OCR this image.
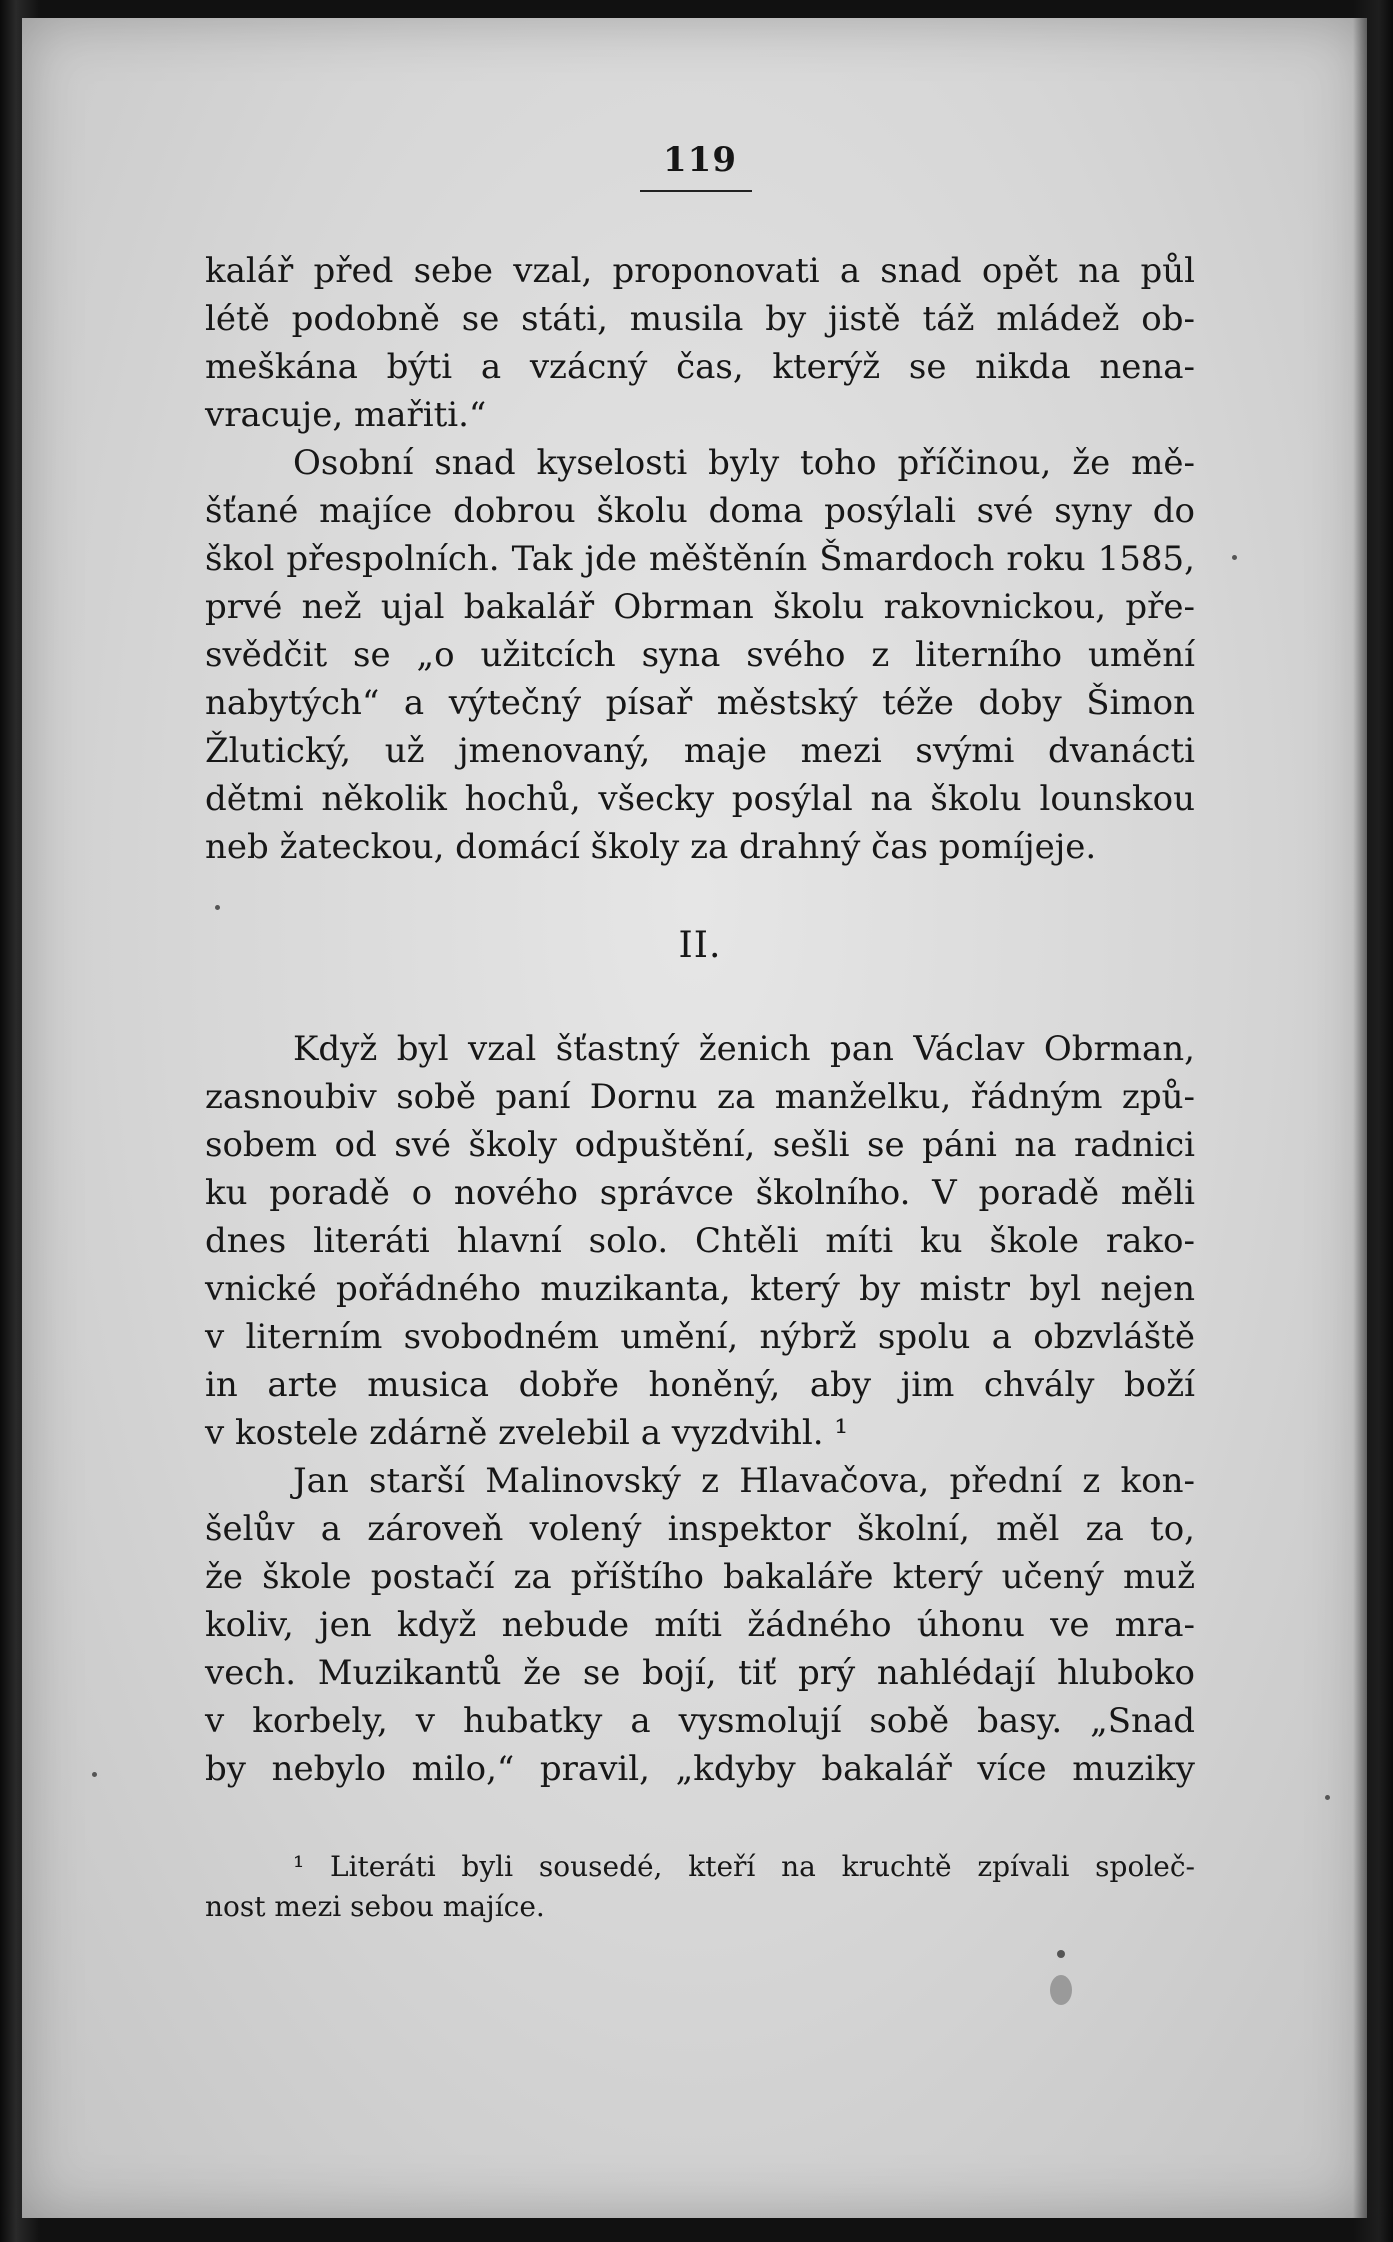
119
kalář před sebe vzal, proponovati a snad opět na půl
létě podobně se státi, musila by jistě táž mládež ob-
meškána býti a vzácný čas, kterýž se nikda nena-
vracuje, mařiti.“
Osobní snad kyselosti byly toho příčinou, že mě-
šťané majíce dobrou školu doma posýlali své syny do
škol přespolních. Tak jde měštěnín Šmardoch roku 1585,
prvé než ujal bakalář Obrman školu rakovnickou, pře-
svědčit se „o užitcích syna svého z literního umění
nabytých“ a výtečný písař městský téže doby Šimon
Žlutický, už jmenovaný, maje mezi svými dvanácti
dětmi několik hochů, všecky posýlal na školu lounskou
neb žateckou, domácí školy za drahný čas pomíjeje.
II.
Když byl vzal šťastný ženich pan Václav Obrman,
zasnoubiv sobě paní Dornu za manželku, řádným způ-
sobem od své školy odpuštění, sešli se páni na radnici
ku poradě o nového správce školního. V poradě měli
dnes literáti hlavní solo. Chtěli míti ku škole rako-
vnické pořádného muzikanta, který by mistr byl nejen
v literním svobodném umění, nýbrž spolu a obzvláště
in arte musica dobře honěný, aby jim chvály boží
v kostele zdárně zvelebil a vyzdvihl. ¹
Jan starší Malinovský z Hlavačova, přední z kon-
šelův a zároveň volený inspektor školní, měl za to,
že škole postačí za příštího bakaláře který učený muž
koliv, jen když nebude míti žádného úhonu ve mra-
vech. Muzikantů že se bojí, tiť prý nahlédají hluboko
v korbely, v hubatky a vysmolují sobě basy. „Snad
by nebylo milo,“ pravil, „kdyby bakalář více muziky
¹ Literáti byli sousedé, kteří na kruchtě zpívali společ-
nost mezi sebou majíce.
